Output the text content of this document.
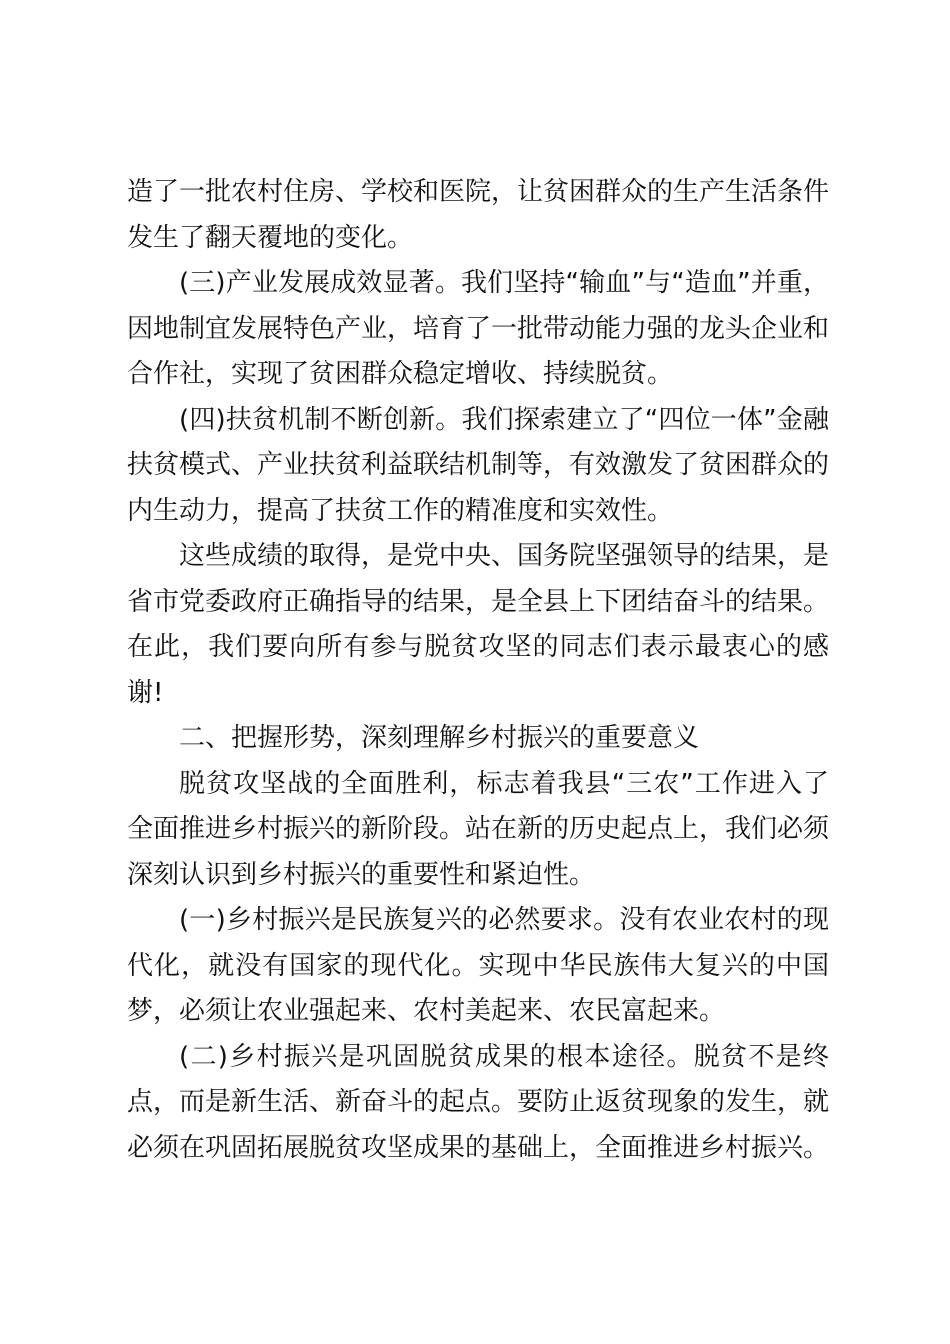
造了一批农村住房、学校和医院，让贫困群众的生产生活条件发生了翻天覆地的变化。

(三)产业发展成效显著。我们坚持“输血”与“造血”并重，因地制宜发展特色产业，培育了一批带动能力强的龙头企业和合作社，实现了贫困群众稳定增收、持续脱贫。

(四)扶贫机制不断创新。我们探索建立了“四位一体”金融扶贫模式、产业扶贫利益联结机制等，有效激发了贫困群众的内生动力，提高了扶贫工作的精准度和实效性。

这些成绩的取得，是党中央、国务院坚强领导的结果，是省市党委政府正确指导的结果，是全县上下团结奋斗的结果。在此，我们要向所有参与脱贫攻坚的同志们表示最衷心的感谢!

二、把握形势，深刻理解乡村振兴的重要意义

脱贫攻坚战的全面胜利，标志着我县“三农”工作进入了全面推进乡村振兴的新阶段。站在新的历史起点上，我们必须深刻认识到乡村振兴的重要性和紧迫性。

(一)乡村振兴是民族复兴的必然要求。没有农业农村的现代化，就没有国家的现代化。实现中华民族伟大复兴的中国梦，必须让农业强起来、农村美起来、农民富起来。

(二)乡村振兴是巩固脱贫成果的根本途径。脱贫不是终点，而是新生活、新奋斗的起点。要防止返贫现象的发生，就必须在巩固拓展脱贫攻坚成果的基础上，全面推进乡村振兴。
